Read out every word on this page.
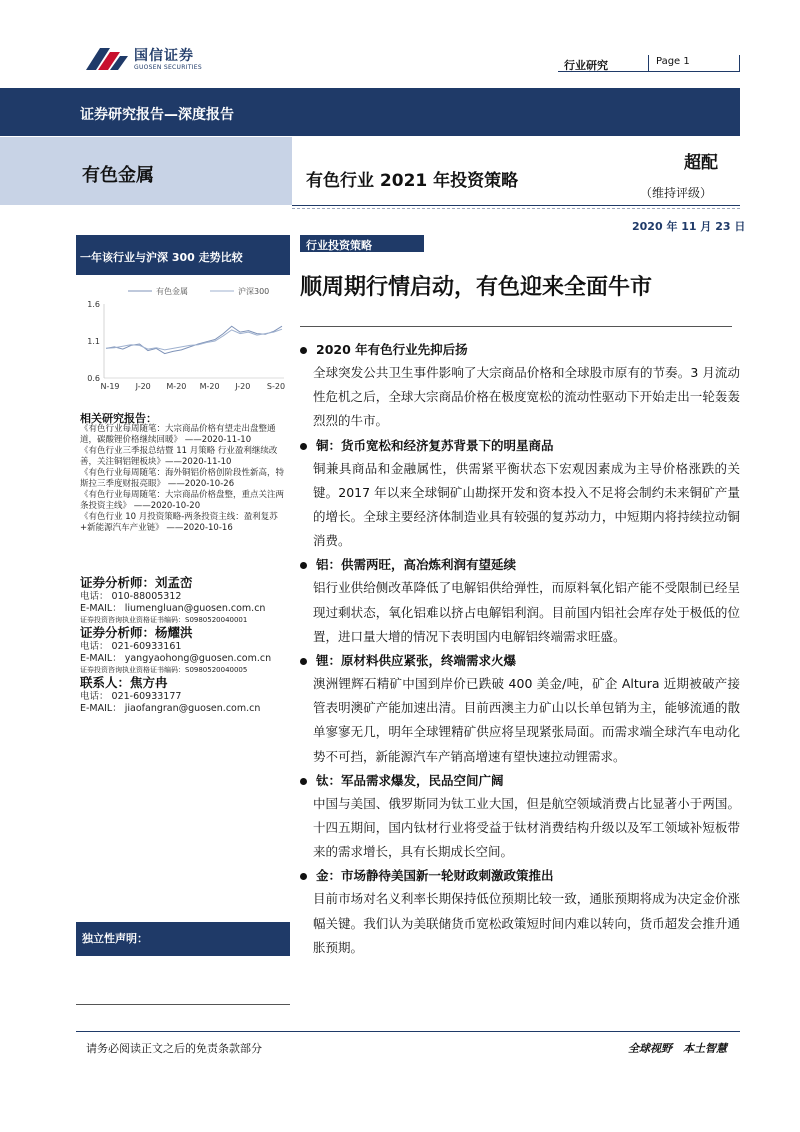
国信证券
GUOSEN SECURITIES	行业研究	Page 1
证券研究报告—深度报告
有色金属	有色行业 2021 年投资策略
超配
（维持评级）
2020 年 11 月 23 日
一年该行业与沪深 300 走势比较
1.6
1.1
0.6
N-19 J-20 M-20 M-20 J-20 S-20
有色金属	沪深300
相关研究报告：
《有色行业每周随笔：大宗商品价格有望走出盘整通道，碳酸锂价格继续回暖》 ——2020-11-10
《有色行业三季报总结暨 11 月策略 行业盈利继续改善，关注铜铝锂板块》——2020-11-10
《有色行业每周随笔：海外铜铝价格创阶段性新高，特斯拉三季度财报亮眼》 ——2020-10-26
《有色行业每周随笔：大宗商品价格盘整，重点关注两条投资主线》 ——2020-10-20
《有色行业 10 月投资策略-两条投资主线：盈利复苏+新能源汽车产业链》 ——2020-10-16
证券分析师：刘孟峦
电话： 010-88005312
E-MAIL： liumengluan@guosen.com.cn
证券投资咨询执业资格证书编码：S0980520040001
证券分析师：杨耀洪
电话： 021-60933161
E-MAIL： yangyaohong@guosen.com.cn
证券投资咨询执业资格证书编码：S0980520040005
联系人：焦方冉
电话： 021-60933177
E-MAIL： jiaofangran@guosen.com.cn
独立性声明：
行业投资策略
顺周期行情启动，有色迎来全面牛市
2020 年有色行业先抑后扬

全球突发公共卫生事件影响了大宗商品价格和全球股市原有的节奏。3 月流动性危机之后，全球大宗商品价格在极度宽松的流动性驱动下开始走出一轮轰轰烈烈的牛市。

铜：货币宽松和经济复苏背景下的明星商品

铜兼具商品和金融属性，供需紧平衡状态下宏观因素成为主导价格涨跌的关键。2017 年以来全球铜矿山勘探开发和资本投入不足将会制约未来铜矿产量的增长。全球主要经济体制造业具有较强的复苏动力，中短期内将持续拉动铜消费。

铝：供需两旺，高冶炼利润有望延续

铝行业供给侧改革降低了电解铝供给弹性，而原料氧化铝产能不受限制已经呈现过剩状态，氧化铝难以挤占电解铝利润。目前国内铝社会库存处于极低的位置，进口量大增的情况下表明国内电解铝终端需求旺盛。

锂：原材料供应紧张，终端需求火爆

澳洲锂辉石精矿中国到岸价已跌破 400 美金/吨，矿企 Altura 近期被破产接管表明澳矿产能加速出清。目前西澳主力矿山以长单包销为主，能够流通的散单寥寥无几，明年全球锂精矿供应将呈现紧张局面。而需求端全球汽车电动化势不可挡，新能源汽车产销高增速有望快速拉动锂需求。

钛：军品需求爆发，民品空间广阔

中国与美国、俄罗斯同为钛工业大国，但是航空领域消费占比显著小于两国。十四五期间，国内钛材行业将受益于钛材消费结构升级以及军工领域补短板带来的需求增长，具有长期成长空间。

金：市场静待美国新一轮财政刺激政策推出

目前市场对名义利率长期保持低位预期比较一致，通胀预期将成为决定金价涨幅关键。我们认为美联储货币宽松政策短时间内难以转向，货币超发会推升通胀预期。

请务必阅读正文之后的免责条款部分	全球视野　本土智慧
